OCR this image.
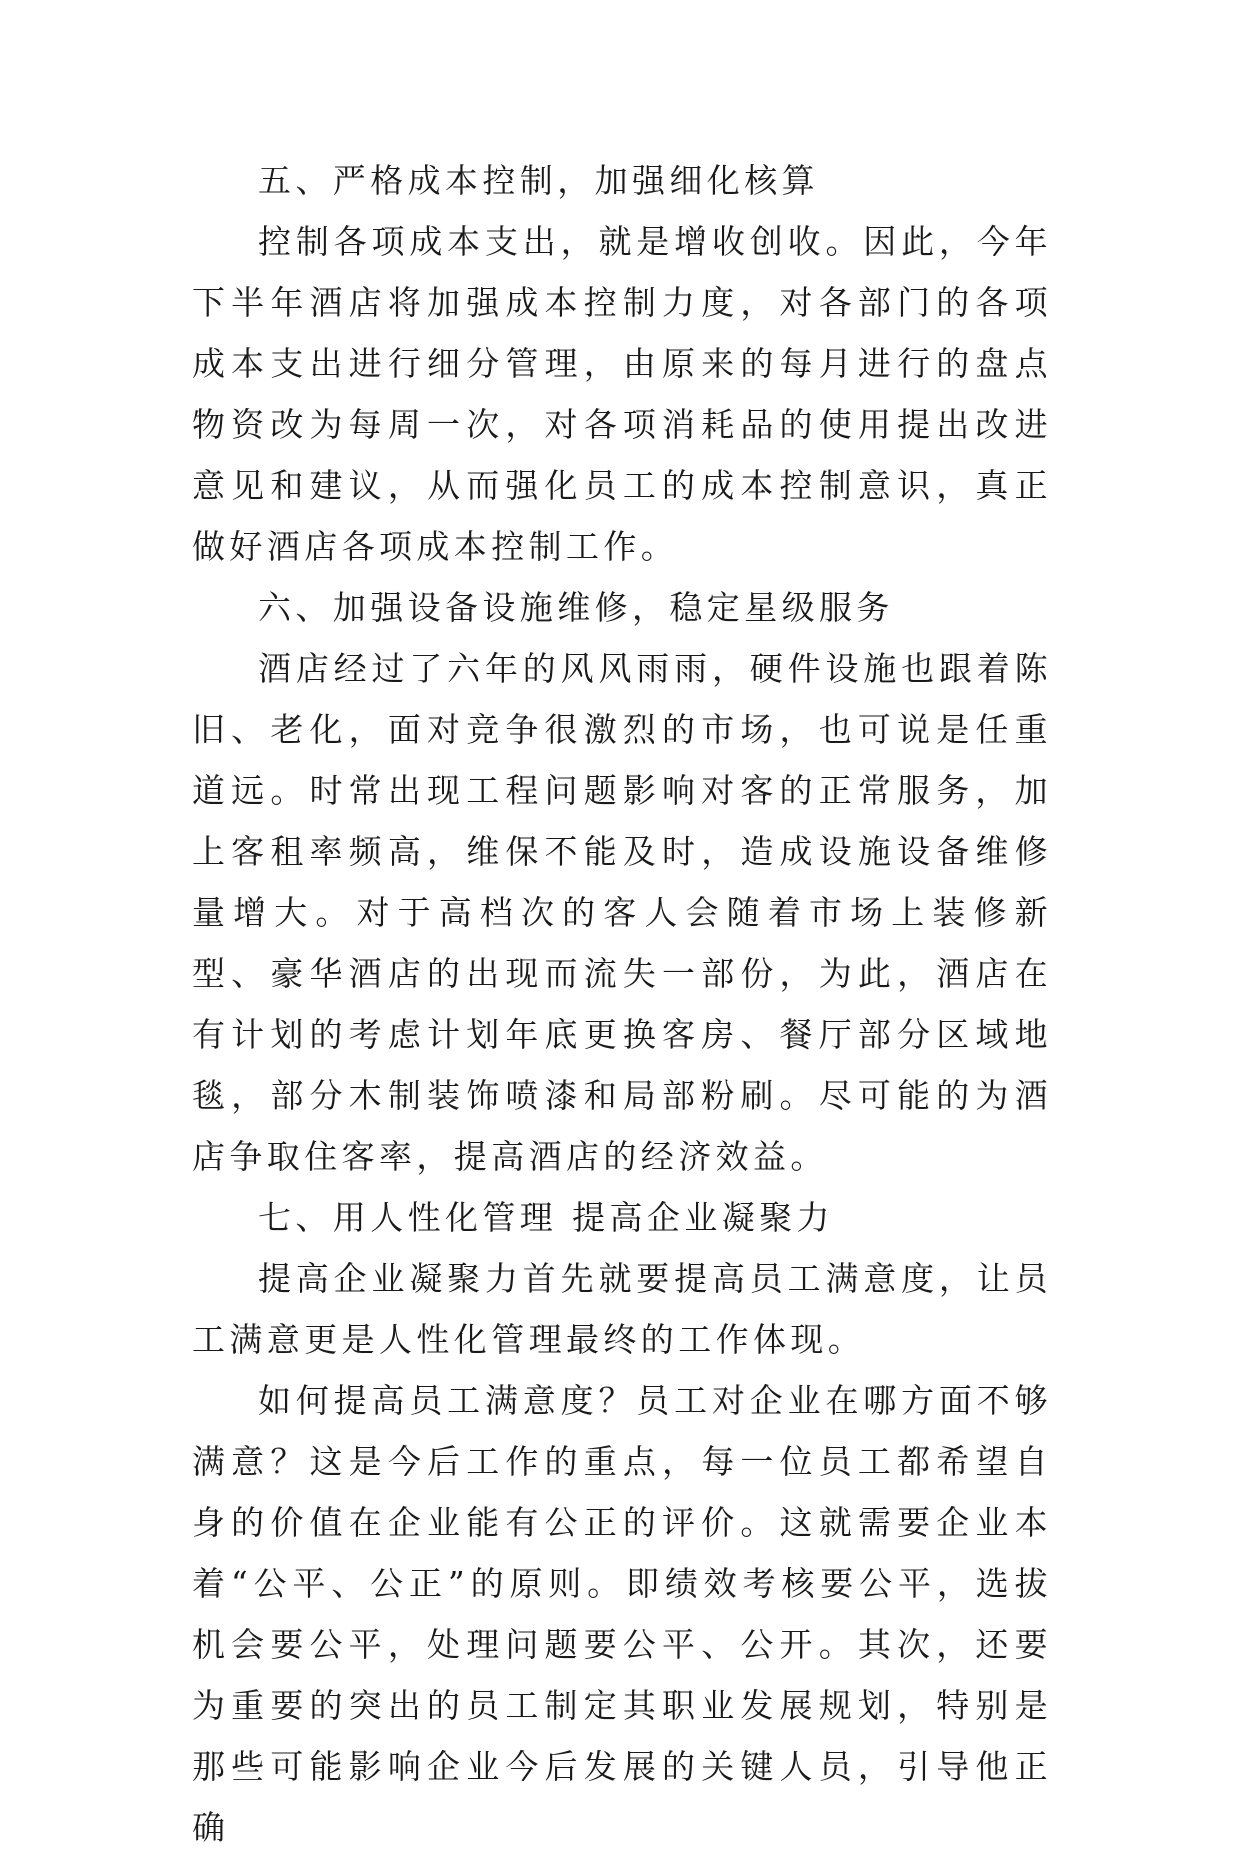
五、严格成本控制，加强细化核算

控制各项成本支出，就是增收创收。因此，今年下半年酒店将加强成本控制力度，对各部门的各项成本支出进行细分管理，由原来的每月进行的盘点物资改为每周一次，对各项消耗品的使用提出改进意见和建议，从而强化员工的成本控制意识，真正做好酒店各项成本控制工作。

六、加强设备设施维修，稳定星级服务

酒店经过了六年的风风雨雨，硬件设施也跟着陈旧、老化，面对竞争很激烈的市场，也可说是任重道远。时常出现工程问题影响对客的正常服务，加上客租率频高，维保不能及时，造成设施设备维修量增大。对于高档次的客人会随着市场上装修新型、豪华酒店的出现而流失一部份，为此，酒店在有计划的考虑计划年底更换客房、餐厅部分区域地毯，部分木制装饰喷漆和局部粉刷。尽可能的为酒店争取住客率，提高酒店的经济效益。

七、用人性化管理 提高企业凝聚力

提高企业凝聚力首先就要提高员工满意度，让员工满意更是人性化管理最终的工作体现。

如何提高员工满意度？员工对企业在哪方面不够满意？这是今后工作的重点，每一位员工都希望自身的价值在企业能有公正的评价。这就需要企业本着“公平、公正”的原则。即绩效考核要公平，选拔机会要公平，处理问题要公平、公开。其次，还要为重要的突出的员工制定其职业发展规划，特别是那些可能影响企业今后发展的关键人员，引导他正确
